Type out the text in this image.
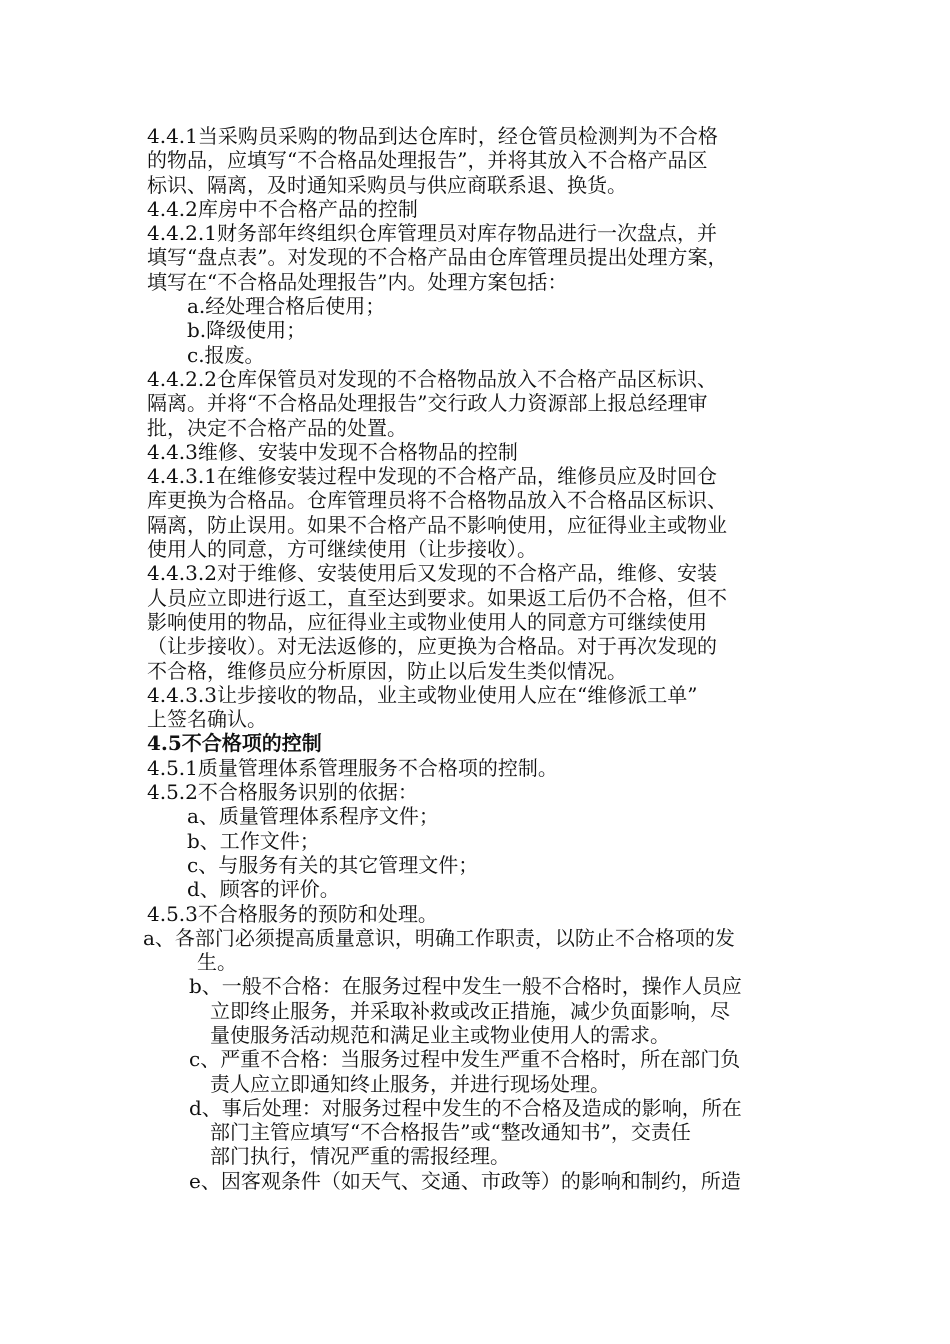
4.4.1当采购员采购的物品到达仓库时，经仓管员检测判为不合格
的物品，应填写“不合格品处理报告”，并将其放入不合格产品区
标识、隔离，及时通知采购员与供应商联系退、换货。
4.4.2库房中不合格产品的控制
4.4.2.1财务部年终组织仓库管理员对库存物品进行一次盘点，并
填写“盘点表”。对发现的不合格产品由仓库管理员提出处理方案，
填写在“不合格品处理报告”内。处理方案包括：
a.经处理合格后使用；
b.降级使用；
c.报废。
4.4.2.2仓库保管员对发现的不合格物品放入不合格产品区标识、
隔离。并将“不合格品处理报告”交行政人力资源部上报总经理审
批，决定不合格产品的处置。
4.4.3维修、安装中发现不合格物品的控制
4.4.3.1在维修安装过程中发现的不合格产品，维修员应及时回仓
库更换为合格品。仓库管理员将不合格物品放入不合格品区标识、
隔离，防止误用。如果不合格产品不影响使用，应征得业主或物业
使用人的同意，方可继续使用（让步接收）。
4.4.3.2对于维修、安装使用后又发现的不合格产品，维修、安装
人员应立即进行返工，直至达到要求。如果返工后仍不合格，但不
影响使用的物品，应征得业主或物业使用人的同意方可继续使用
（让步接收）。对无法返修的，应更换为合格品。对于再次发现的
不合格，维修员应分析原因，防止以后发生类似情况。
4.4.3.3让步接收的物品，业主或物业使用人应在“维修派工单”
上签名确认。
4.5不合格项的控制
4.5.1质量管理体系管理服务不合格项的控制。
4.5.2不合格服务识别的依据：
a、质量管理体系程序文件；
b、工作文件；
c、与服务有关的其它管理文件；
d、顾客的评价。
4.5.3不合格服务的预防和处理。
a、各部门必须提高质量意识，明确工作职责，以防止不合格项的发
生。
b、一般不合格：在服务过程中发生一般不合格时，操作人员应
立即终止服务，并采取补救或改正措施，减少负面影响，尽
量使服务活动规范和满足业主或物业使用人的需求。
c、严重不合格：当服务过程中发生严重不合格时，所在部门负
责人应立即通知终止服务，并进行现场处理。
d、事后处理：对服务过程中发生的不合格及造成的影响，所在
部门主管应填写“不合格报告”或“整改通知书”，交责任
部门执行，情况严重的需报经理。
e、因客观条件（如天气、交通、市政等）的影响和制约，所造
